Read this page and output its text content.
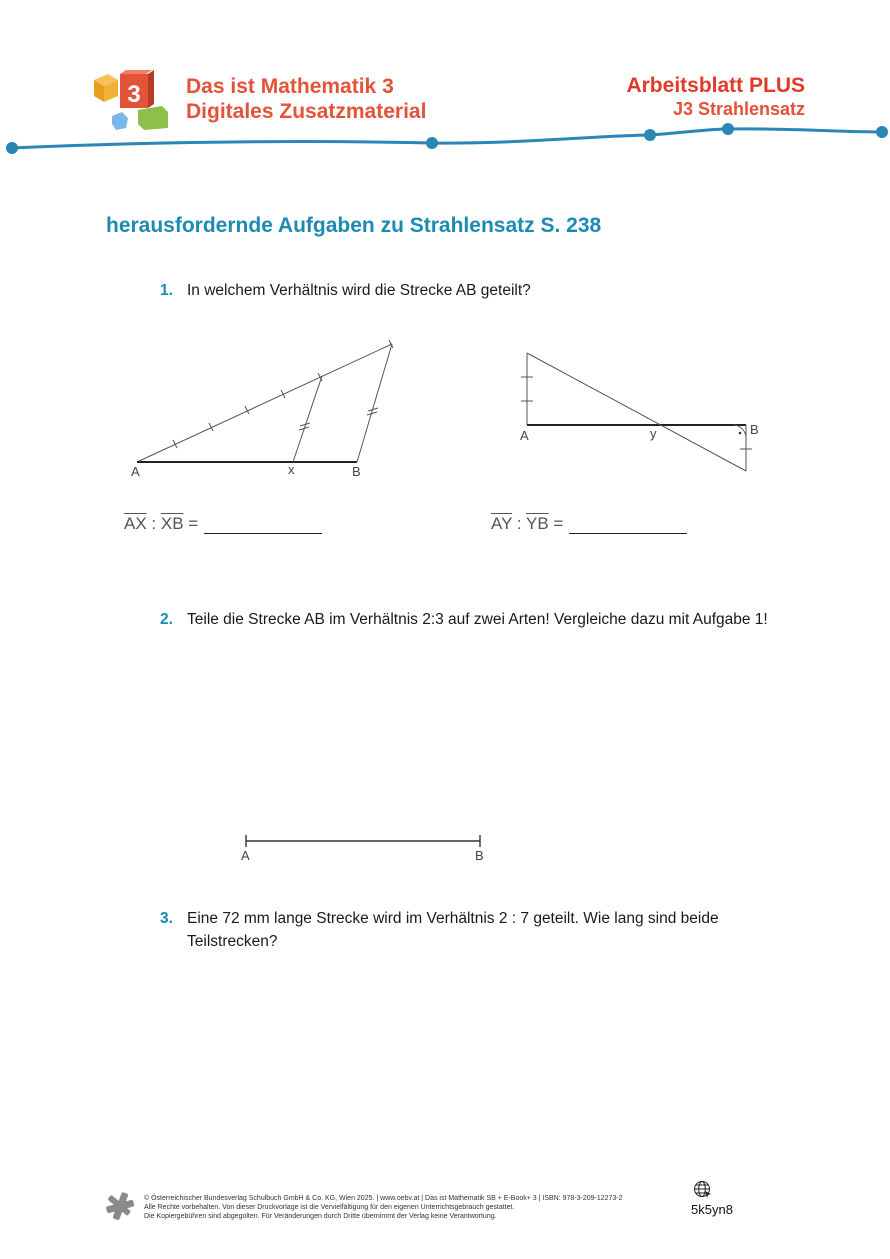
3 Das ist Mathematik 3
Digitales Zusatzmaterial
Arbeitsblatt PLUS
J3 Strahlensatz
herausfordernde Aufgaben zu Strahlensatz S. 238
1. In welchem Verhältnis wird die Strecke AB geteilt?
A	x	B
A	y	B
$\overline{AX}$ : $\overline{XB}$ =	$\overline{AY}$ : $\overline{YB}$ =
2. Teile die Strecke AB im Verhältnis 2:3 auf zwei Arten! Vergleiche dazu mit Aufgabe 1!
A	B
3. Eine 72 mm lange Strecke wird im Verhältnis 2 : 7 geteilt. Wie lang sind beide Teilstrecken?
© Österreichischer Bundesverlag Schulbuch GmbH & Co. KG, Wien 2025. | www.oebv.at | Das ist Mathematik SB + E-Book+ 3 | ISBN: 978-3-209-12273-2
Alle Rechte vorbehalten. Von dieser Druckvorlage ist die Vervielfältigung für den eigenen Unterrichtsgebrauch gestattet.
Die Kopiergebühren sind abgegolten. Für Veränderungen durch Dritte übernimmt der Verlag keine Verantwortung.	5k5yn8
